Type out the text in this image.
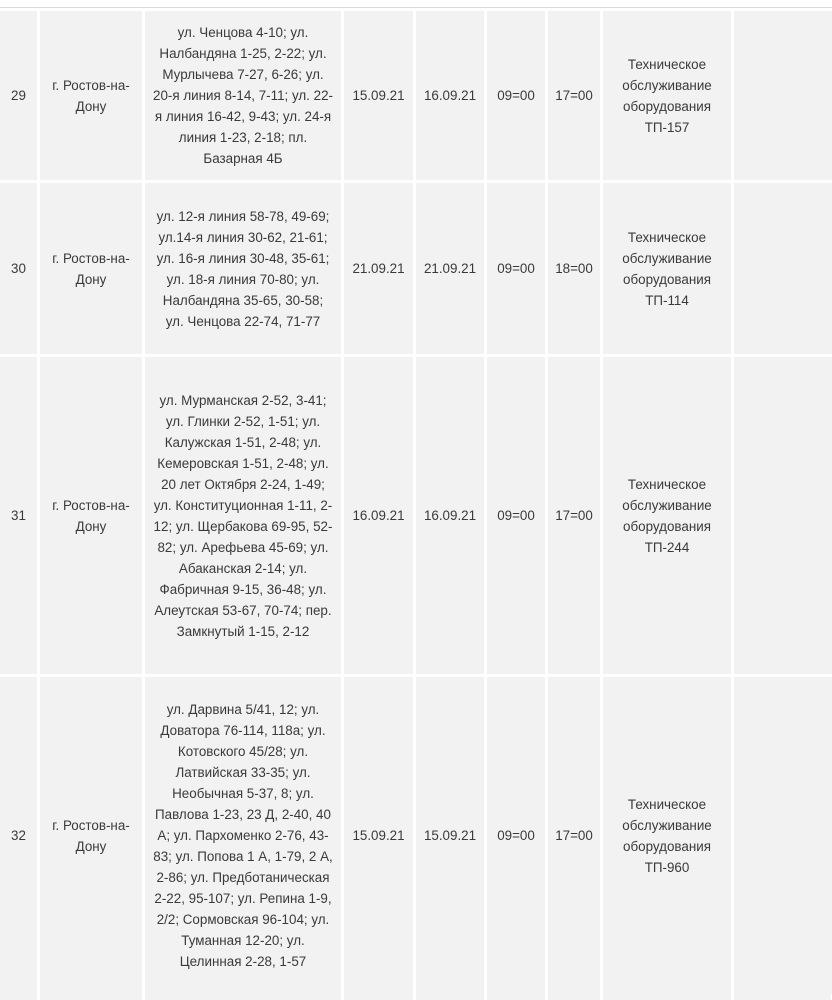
29	г. Ростов-на-Дону	ул. Ченцова 4-10; ул. Налбандяна 1-25, 2-22; ул. Мурлычева 7-27, 6-26; ул. 20-я линия 8-14, 7-11; ул. 22-я линия 16-42, 9-43; ул. 24-я линия 1-23, 2-18; пл. Базарная 4Б	15.09.21	16.09.21	09=00	17=00	Техническое обслуживание оборудования ТП-157	
30	г. Ростов-на-Дону	ул. 12-я линия 58-78, 49-69; ул.14-я линия 30-62, 21-61; ул. 16-я линия 30-48, 35-61; ул. 18-я линия 70-80; ул. Налбандяна 35-65, 30-58; ул. Ченцова 22-74, 71-77	21.09.21	21.09.21	09=00	18=00	Техническое обслуживание оборудования ТП-114	
31	г. Ростов-на-Дону	ул. Мурманская 2-52, 3-41; ул. Глинки 2-52, 1-51; ул. Калужская 1-51, 2-48; ул. Кемеровская 1-51, 2-48; ул. 20 лет Октября 2-24, 1-49; ул. Конституционная 1-11, 2-12; ул. Щербакова 69-95, 52-82; ул. Арефьева 45-69; ул. Абаканская 2-14; ул. Фабричная 9-15, 36-48; ул. Алеутская 53-67, 70-74; пер. Замкнутый 1-15, 2-12	16.09.21	16.09.21	09=00	17=00	Техническое обслуживание оборудования ТП-244	
32	г. Ростов-на-Дону	ул. Дарвина 5/41, 12; ул. Доватора 76-114, 118а; ул. Котовского 45/28; ул. Латвийская 33-35; ул. Необычная 5-37, 8; ул. Павлова 1-23, 23 Д, 2-40, 40 А; ул. Пархоменко 2-76, 43-83; ул. Попова 1 А, 1-79, 2 А, 2-86; ул. Предботаническая 2-22, 95-107; ул. Репина 1-9, 2/2; Сормовская 96-104; ул. Туманная 12-20; ул. Целинная 2-28, 1-57	15.09.21	15.09.21	09=00	17=00	Техническое обслуживание оборудования ТП-960	
